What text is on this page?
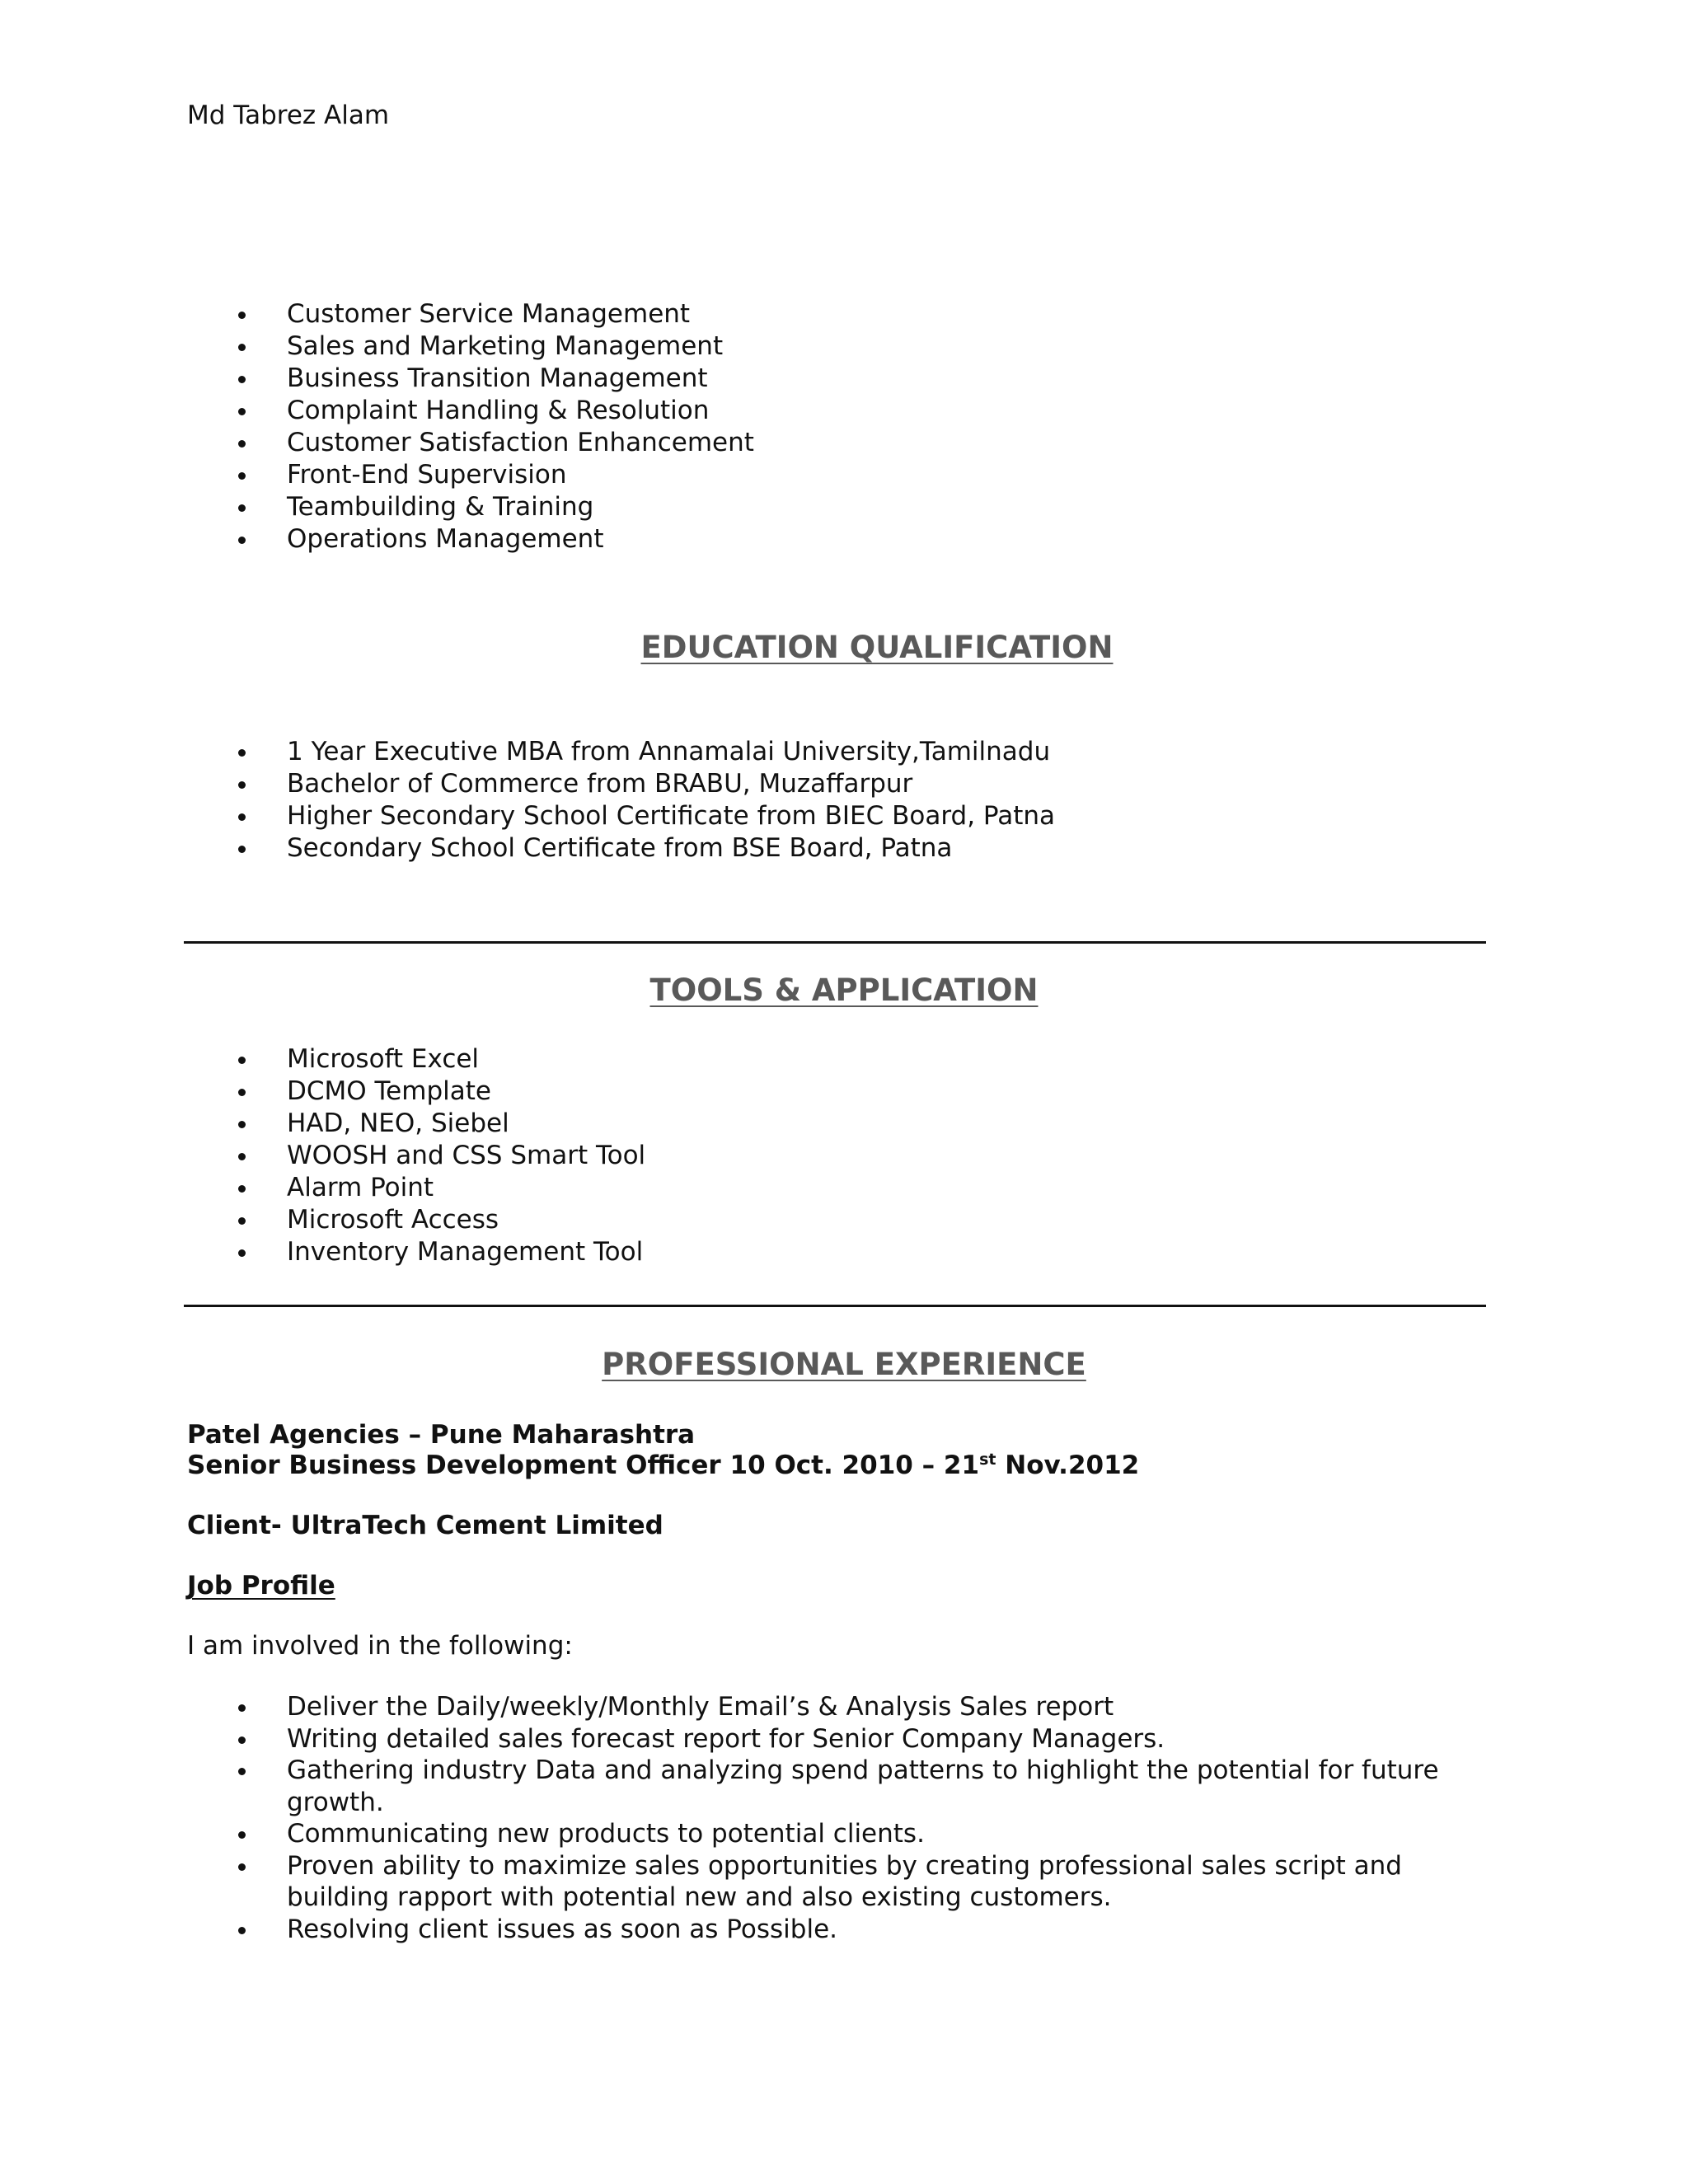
Md Tabrez Alam

Customer Service Management
Sales and Marketing Management
Business Transition Management
Complaint Handling & Resolution
Customer Satisfaction Enhancement
Front-End Supervision
Teambuilding & Training
Operations Management
EDUCATION QUALIFICATION
1 Year Executive MBA from Annamalai University,Tamilnadu
Bachelor of Commerce from BRABU, Muzaffarpur
Higher Secondary School Certificate from BIEC Board, Patna
Secondary School Certificate from BSE Board, Patna
TOOLS & APPLICATION
Microsoft Excel
DCMO Template
HAD, NEO, Siebel
WOOSH and CSS Smart Tool
Alarm Point
Microsoft Access
Inventory Management Tool
PROFESSIONAL EXPERIENCE
Patel Agencies – Pune Maharashtra
Senior Business Development Officer 10 Oct. 2010 – 21st Nov.2012
Client- UltraTech Cement Limited
Job Profile
I am involved in the following:
Deliver the Daily/weekly/Monthly Email’s & Analysis Sales report
Writing detailed sales forecast report for Senior Company Managers.
Gathering industry Data and analyzing spend patterns to highlight the potential for future growth.
Communicating new products to potential clients.
Proven ability to maximize sales opportunities by creating professional sales script and building rapport with potential new and also existing customers.
Resolving client issues as soon as Possible.
